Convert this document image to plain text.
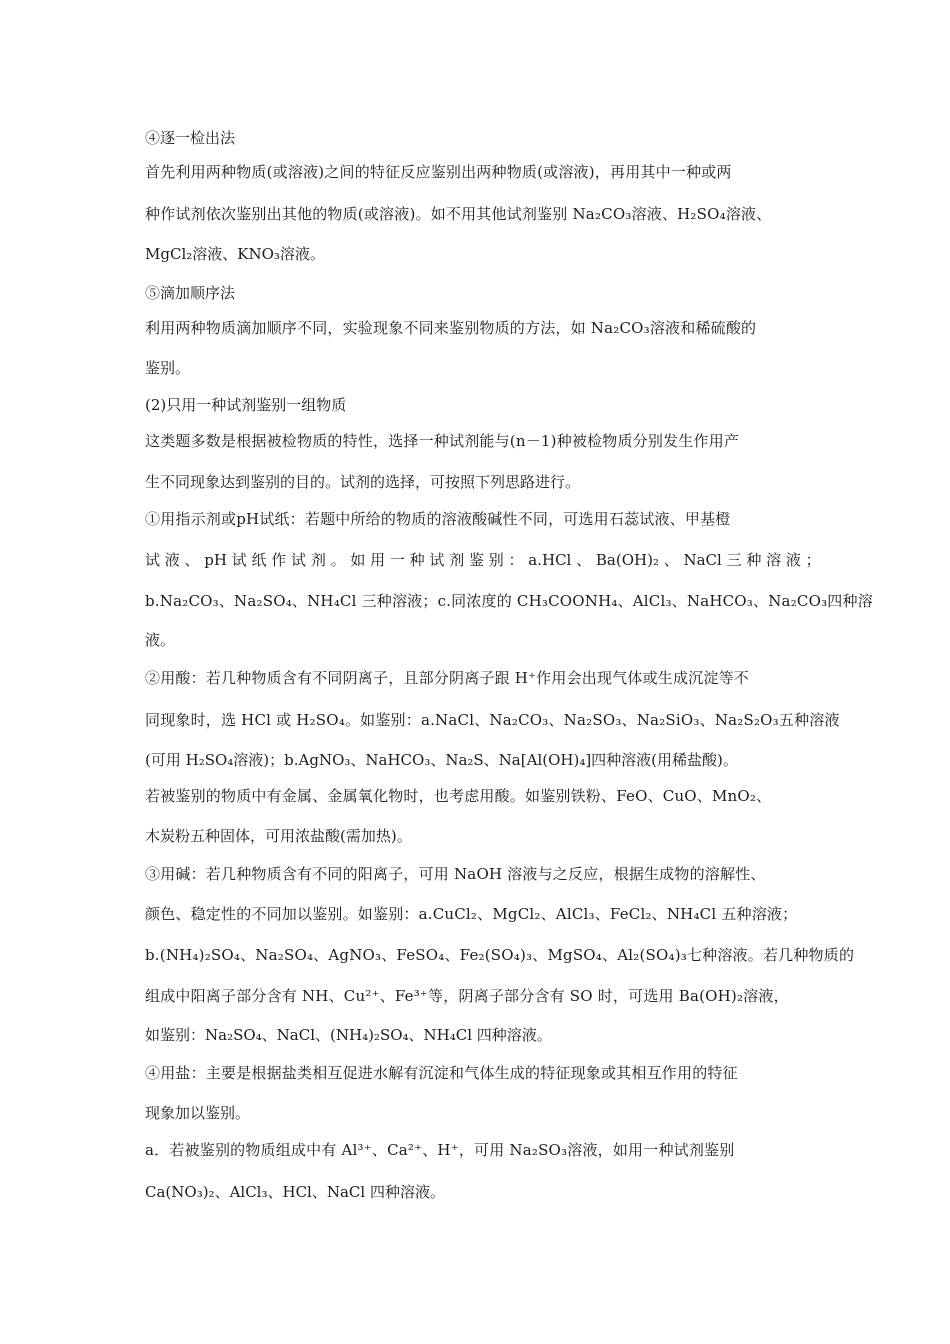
④逐一检出法
首先利用两种物质(或溶液)之间的特征反应鉴别出两种物质(或溶液)，再用其中一种或两
种作试剂依次鉴别出其他的物质(或溶液)。如不用其他试剂鉴别 Na₂CO₃溶液、H₂SO₄溶液、
MgCl₂溶液、KNO₃溶液。
⑤滴加顺序法
利用两种物质滴加顺序不同，实验现象不同来鉴别物质的方法，如 Na₂CO₃溶液和稀硫酸的
鉴别。
(2)只用一种试剂鉴别一组物质
这类题多数是根据被检物质的特性，选择一种试剂能与(n－1)种被检物质分别发生作用产
生不同现象达到鉴别的目的。试剂的选择，可按照下列思路进行。
①用指示剂或pH试纸：若题中所给的物质的溶液酸碱性不同，可选用石蕊试液、甲基橙
试 液 、 pH 试 纸 作 试 剂 。 如 用 一 种 试 剂 鉴 别 ： a.HCl 、 Ba(OH)₂ 、 NaCl 三 种 溶 液 ；
b.Na₂CO₃、Na₂SO₄、NH₄Cl 三种溶液；c.同浓度的 CH₃COONH₄、AlCl₃、NaHCO₃、Na₂CO₃四种溶
液。
②用酸：若几种物质含有不同阴离子，且部分阴离子跟 H⁺作用会出现气体或生成沉淀等不
同现象时，选 HCl 或 H₂SO₄。如鉴别：a.NaCl、Na₂CO₃、Na₂SO₃、Na₂SiO₃、Na₂S₂O₃五种溶液
(可用 H₂SO₄溶液)；b.AgNO₃、NaHCO₃、Na₂S、Na[Al(OH)₄]四种溶液(用稀盐酸)。
若被鉴别的物质中有金属、金属氧化物时，也考虑用酸。如鉴别铁粉、FeO、CuO、MnO₂、
木炭粉五种固体，可用浓盐酸(需加热)。
③用碱：若几种物质含有不同的阳离子，可用 NaOH 溶液与之反应，根据生成物的溶解性、
颜色、稳定性的不同加以鉴别。如鉴别：a.CuCl₂、MgCl₂、AlCl₃、FeCl₂、NH₄Cl 五种溶液；
b.(NH₄)₂SO₄、Na₂SO₄、AgNO₃、FeSO₄、Fe₂(SO₄)₃、MgSO₄、Al₂(SO₄)₃七种溶液。若几种物质的
组成中阳离子部分含有 NH、Cu²⁺、Fe³⁺等，阴离子部分含有 SO 时，可选用 Ba(OH)₂溶液，
如鉴别：Na₂SO₄、NaCl、(NH₄)₂SO₄、NH₄Cl 四种溶液。
④用盐：主要是根据盐类相互促进水解有沉淀和气体生成的特征现象或其相互作用的特征
现象加以鉴别。
a．若被鉴别的物质组成中有 Al³⁺、Ca²⁺、H⁺，可用 Na₂SO₃溶液，如用一种试剂鉴别
Ca(NO₃)₂、AlCl₃、HCl、NaCl 四种溶液。
